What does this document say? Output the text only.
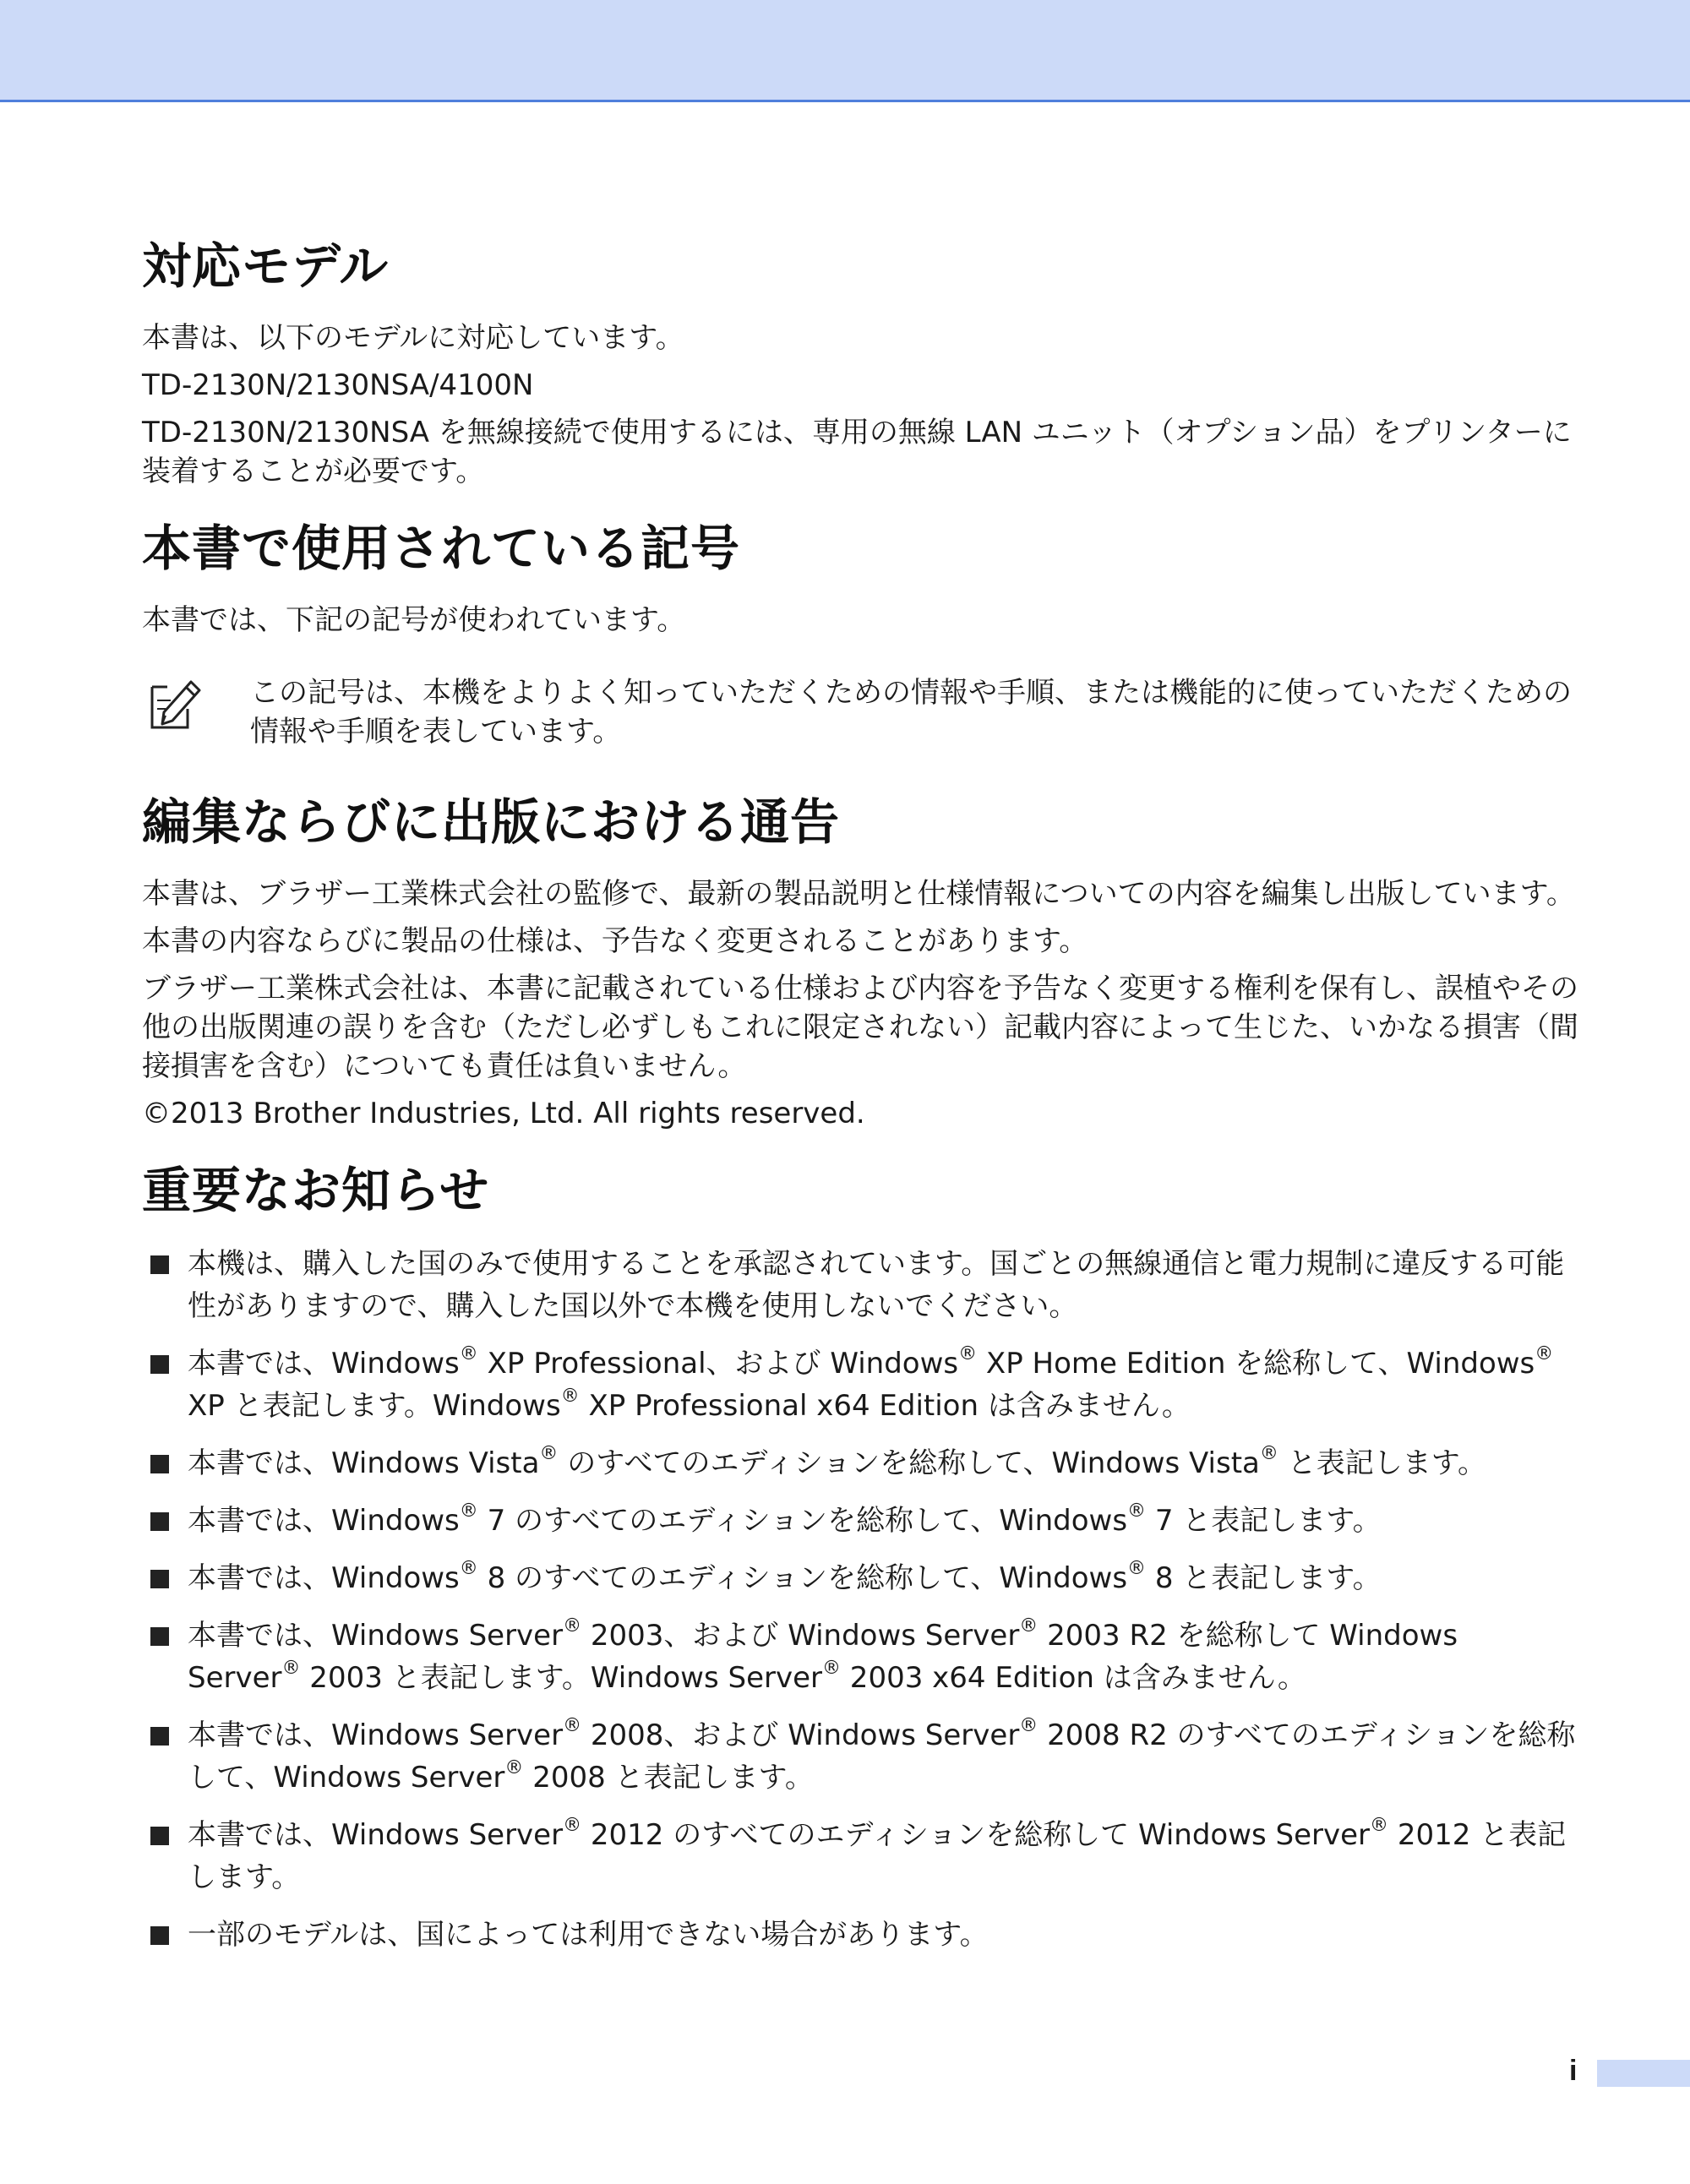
対応モデル

本書は、以下のモデルに対応しています。

TD-2130N/2130NSA/4100N

TD-2130N/2130NSA を無線接続で使用するには、専用の無線 LAN ユニット（オプション品）をプリンターに装着することが必要です。

本書で使用されている記号

本書では、下記の記号が使われています。

この記号は、本機をよりよく知っていただくための情報や手順、または機能的に使っていただくための情報や手順を表しています。
編集ならびに出版における通告

本書は、ブラザー工業株式会社の監修で、最新の製品説明と仕様情報についての内容を編集し出版しています。

本書の内容ならびに製品の仕様は、予告なく変更されることがあります。

ブラザー工業株式会社は、本書に記載されている仕様および内容を予告なく変更する権利を保有し、誤植やその他の出版関連の誤りを含む（ただし必ずしもこれに限定されない）記載内容によって生じた、いかなる損害（間接損害を含む）についても責任は負いません。

©2013 Brother Industries, Ltd. All rights reserved.

重要なお知らせ
本機は、購入した国のみで使用することを承認されています。国ごとの無線通信と電力規制に違反する可能性がありますので、購入した国以外で本機を使用しないでください。
本書では、Windows® XP Professional、および Windows® XP Home Edition を総称して、Windows® XP と表記します。Windows® XP Professional x64 Edition は含みません。
本書では、Windows Vista® のすべてのエディションを総称して、Windows Vista® と表記します。
本書では、Windows® 7 のすべてのエディションを総称して、Windows® 7 と表記します。
本書では、Windows® 8 のすべてのエディションを総称して、Windows® 8 と表記します。
本書では、Windows Server® 2003、および Windows Server® 2003 R2 を総称して Windows Server® 2003 と表記します。Windows Server® 2003 x64 Edition は含みません。
本書では、Windows Server® 2008、および Windows Server® 2008 R2 のすべてのエディションを総称して、Windows Server® 2008 と表記します。
本書では、Windows Server® 2012 のすべてのエディションを総称して Windows Server® 2012 と表記します。
一部のモデルは、国によっては利用できない場合があります。
i
